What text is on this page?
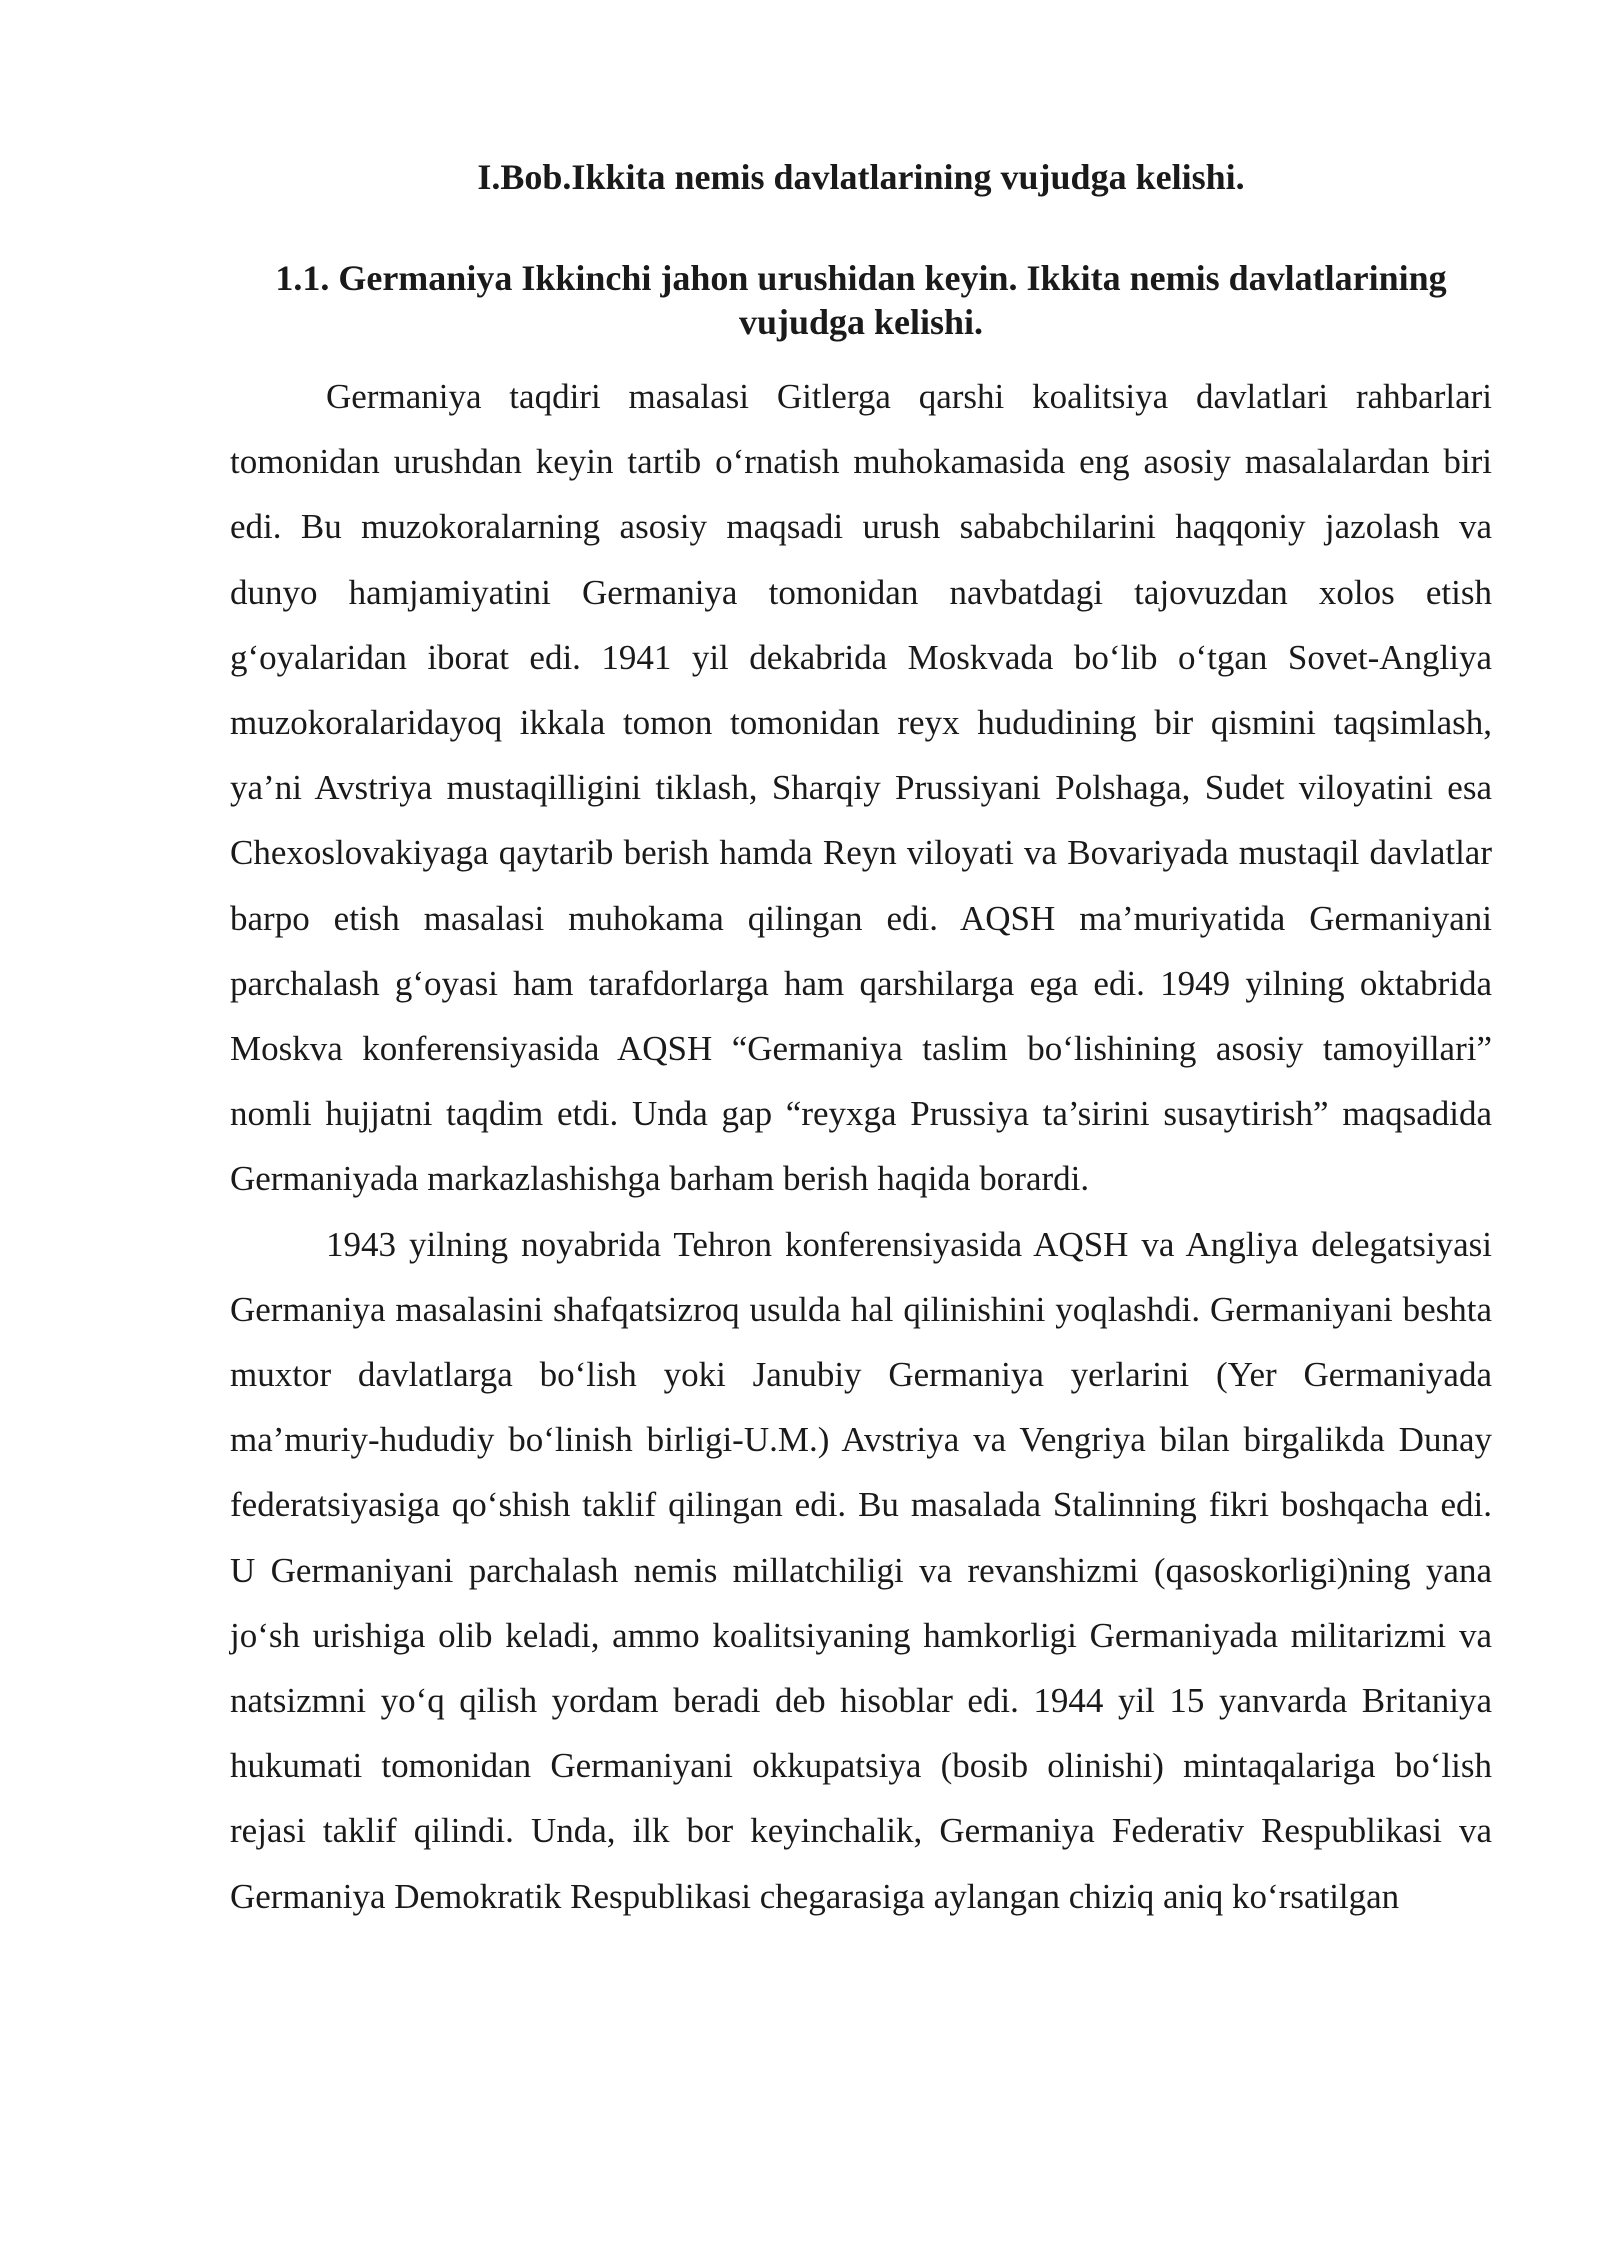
I.Bob.Ikkita nemis davlatlarining vujudga kelishi.
1.1. Germaniya Ikkinchi jahon urushidan keyin. Ikkita nemis davlatlarining vujudga kelishi.

Germaniya taqdiri masalasi Gitlerga qarshi koalitsiya davlatlari rahbarlari tomonidan urushdan keyin tartib o‘rnatish muhokamasida eng asosiy masalalardan biri edi. Bu muzokoralarning asosiy maqsadi urush sababchilarini haqqoniy jazolash va dunyo hamjamiyatini Germaniya tomonidan navbatdagi tajovuzdan xolos etish g‘oyalaridan iborat edi. 1941 yil dekabrida Moskvada bo‘lib o‘tgan Sovet-Angliya muzokoralaridayoq ikkala tomon tomonidan reyx hududining bir qismini taqsimlash, ya’ni Avstriya mustaqilligini tiklash, Sharqiy Prussiyani Polshaga, Sudet viloyatini esa Chexoslovakiyaga qaytarib berish hamda Reyn viloyati va Bovariyada mustaqil davlatlar barpo etish masalasi muhokama qilingan edi. AQSH ma’muriyatida Germaniyani parchalash g‘oyasi ham tarafdorlarga ham qarshilarga ega edi. 1949 yilning oktabrida Moskva konferensiyasida AQSH “Germaniya taslim bo‘lishining asosiy tamoyillari” nomli hujjatni taqdim etdi. Unda gap “reyxga Prussiya ta’sirini susaytirish” maqsadida Germaniyada markazlashishga barham berish haqida borardi.

1943 yilning noyabrida Tehron konferensiyasida AQSH va Angliya delegatsiyasi Germaniya masalasini shafqatsizroq usulda hal qilinishini yoqlashdi. Germaniyani beshta muxtor davlatlarga bo‘lish yoki Janubiy Germaniya yerlarini (Yer Germaniyada ma’muriy-hududiy bo‘linish birligi-U.M.) Avstriya va Vengriya bilan birgalikda Dunay federatsiyasiga qo‘shish taklif qilingan edi. Bu masalada Stalinning fikri boshqacha edi. U Germaniyani parchalash nemis millatchiligi va revanshizmi (qasoskorligi)ning yana jo‘sh urishiga olib keladi, ammo koalitsiyaning hamkorligi Germaniyada militarizmi va natsizmni yo‘q qilish yordam beradi deb hisoblar edi. 1944 yil 15 yanvarda Britaniya hukumati tomonidan Germaniyani okkupatsiya (bosib olinishi) mintaqalariga bo‘lish rejasi taklif qilindi. Unda, ilk bor keyinchalik, Germaniya Federativ Respublikasi va Germaniya Demokratik Respublikasi chegarasiga aylangan chiziq aniq ko‘rsatilgan
